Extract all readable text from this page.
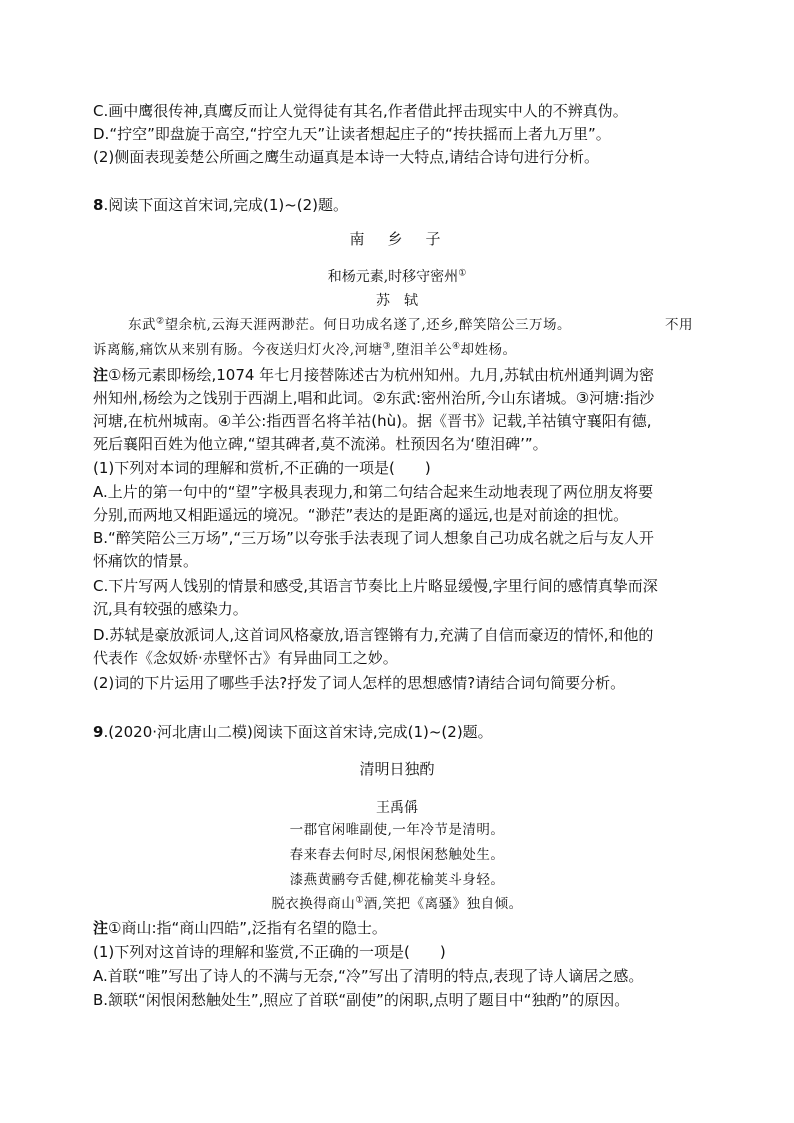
C.画中鹰很传神,真鹰反而让人觉得徒有其名,作者借此抨击现实中人的不辨真伪。
D.“拧空”即盘旋于高空,“拧空九天”让读者想起庄子的“抟扶摇而上者九万里”。
(2)侧面表现姜楚公所画之鹰生动逼真是本诗一大特点,请结合诗句进行分析。
8.阅读下面这首宋词,完成(1)~(2)题。
南　乡　子
和杨元素,时移守密州①
苏　轼
东武②望余杭,云海天涯两渺茫。何日功成名遂了,还乡,醉笑陪公三万场。	不用
诉离觞,痛饮从来别有肠。今夜送归灯火冷,河塘③,堕泪羊公④却姓杨。
注①杨元素即杨绘,1074 年七月接替陈述古为杭州知州。九月,苏轼由杭州通判调为密
州知州,杨绘为之饯别于西湖上,唱和此词。②东武:密州治所,今山东诸城。③河塘:指沙
河塘,在杭州城南。④羊公:指西晋名将羊祜(hù)。据《晋书》记载,羊祜镇守襄阳有德,
死后襄阳百姓为他立碑,“望其碑者,莫不流涕。杜预因名为‘堕泪碑’”。
(1)下列对本词的理解和赏析,不正确的一项是(　　)
A.上片的第一句中的“望”字极具表现力,和第二句结合起来生动地表现了两位朋友将要
分别,而两地又相距遥远的境况。“渺茫”表达的是距离的遥远,也是对前途的担忧。
B.“醉笑陪公三万场”,“三万场”以夸张手法表现了词人想象自己功成名就之后与友人开
怀痛饮的情景。
C.下片写两人饯别的情景和感受,其语言节奏比上片略显缓慢,字里行间的感情真挚而深
沉,具有较强的感染力。
D.苏轼是豪放派词人,这首词风格豪放,语言铿锵有力,充满了自信而豪迈的情怀,和他的
代表作《念奴娇·赤壁怀古》有异曲同工之妙。
(2)词的下片运用了哪些手法?抒发了词人怎样的思想感情?请结合词句简要分析。
9.(2020·河北唐山二模)阅读下面这首宋诗,完成(1)~(2)题。
清明日独酌
王禹偁
一郡官闲唯副使,一年冷节是清明。
春来春去何时尽,闲恨闲愁触处生。
漆燕黄鹂夸舌健,柳花榆荚斗身轻。
脱衣换得商山①酒,笑把《离骚》独自倾。
注①商山:指“商山四皓”,泛指有名望的隐士。
(1)下列对这首诗的理解和鉴赏,不正确的一项是(　　)
A.首联“唯”写出了诗人的不满与无奈,“冷”写出了清明的特点,表现了诗人谪居之感。
B.颔联“闲恨闲愁触处生”,照应了首联“副使”的闲职,点明了题目中“独酌”的原因。
